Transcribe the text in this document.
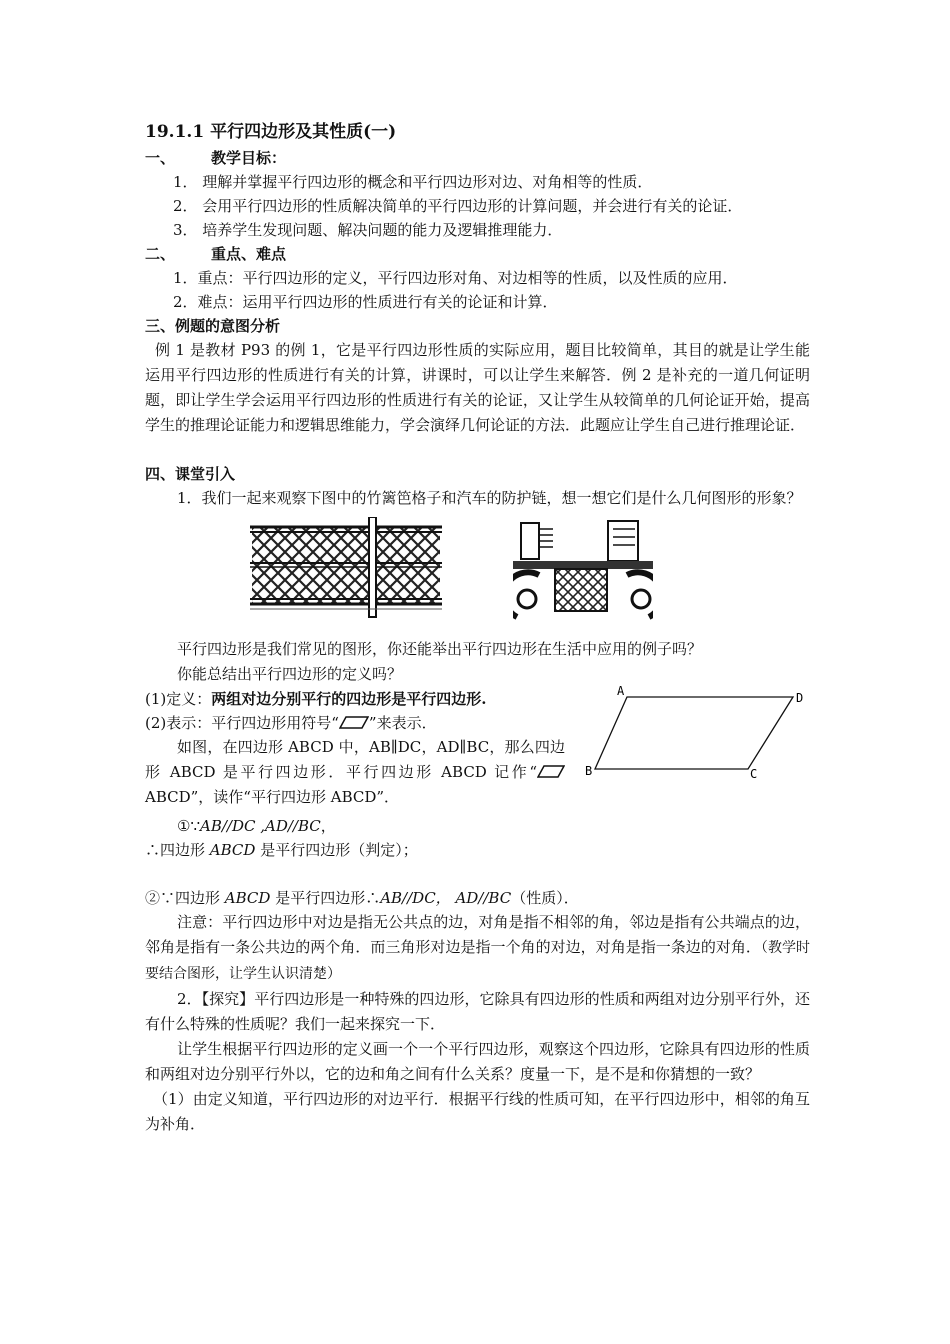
19.1.1 平行四边形及其性质(一)

一、 教学目标：

1． 理解并掌握平行四边形的概念和平行四边形对边、对角相等的性质．

2． 会用平行四边形的性质解决简单的平行四边形的计算问题，并会进行有关的论证．

3． 培养学生发现问题、解决问题的能力及逻辑推理能力．

二、 重点、难点

1．重点：平行四边形的定义，平行四边形对角、对边相等的性质，以及性质的应用．

2．难点：运用平行四边形的性质进行有关的论证和计算．

三、例题的意图分析

例 1 是教材 P93 的例 1，它是平行四边形性质的实际应用，题目比较简单，其目的就是让学生能运用平行四边形的性质进行有关的计算，讲课时，可以让学生来解答．例 2 是补充的一道几何证明题，即让学生学会运用平行四边形的性质进行有关的论证，又让学生从较简单的几何论证开始，提高学生的推理论证能力和逻辑思维能力，学会演绎几何论证的方法．此题应让学生自己进行推理论证．

四、课堂引入

1．我们一起来观察下图中的竹篱笆格子和汽车的防护链，想一想它们是什么几何图形的形象？

平行四边形是我们常见的图形，你还能举出平行四边形在生活中应用的例子吗？

你能总结出平行四边形的定义吗？

A	D
B	C

(1)定义：两组对边分别平行的四边形是平行四边形.

(2)表示：平行四边形用符号“ ”来表示．

如图，在四边形 ABCD 中，AB∥DC，AD∥BC，那么四边形 ABCD 是平行四边形．平行四边形 ABCD 记作“ABCD”，读作“平行四边形 ABCD”．

①∵AB//DC ,AD//BC，

∴四边形 ABCD 是平行四边形（判定）；

②∵四边形 ABCD 是平行四边形∴AB//DC， AD//BC（性质）．

注意：平行四边形中对边是指无公共点的边，对角是指不相邻的角，邻边是指有公共端点的边，邻角是指有一条公共边的两个角．而三角形对边是指一个角的对边，对角是指一条边的对角．（教学时要结合图形，让学生认识清楚）

2．【探究】平行四边形是一种特殊的四边形，它除具有四边形的性质和两组对边分别平行外，还有什么特殊的性质呢？我们一起来探究一下．

让学生根据平行四边形的定义画一个一个平行四边形，观察这个四边形，它除具有四边形的性质和两组对边分别平行外以，它的边和角之间有什么关系？度量一下，是不是和你猜想的一致？

（1）由定义知道，平行四边形的对边平行．根据平行线的性质可知，在平行四边形中，相邻的角互为补角．
